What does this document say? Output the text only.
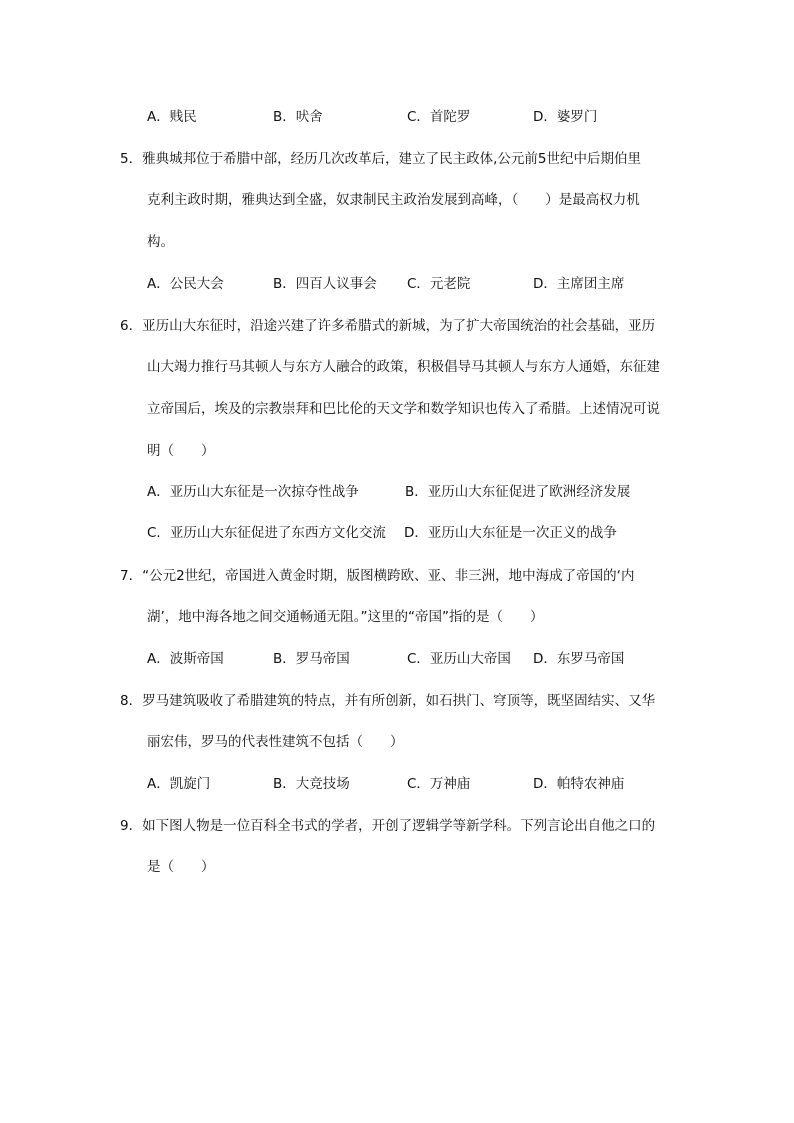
A．贱民	B．吠舍	C．首陀罗	D．婆罗门
5．雅典城邦位于希腊中部，经历几次改革后，建立了民主政体,公元前5世纪中后期伯里
克利主政时期，雅典达到全盛，奴隶制民主政治发展到高峰，（　　）是最高权力机
构。
A．公民大会	B．四百人议事会 C．元老院	D．主席团主席
6．亚历山大东征时，沿途兴建了许多希腊式的新城，为了扩大帝国统治的社会基础，亚历
山大竭力推行马其顿人与东方人融合的政策，积极倡导马其顿人与东方人通婚，东征建
立帝国后，埃及的宗教崇拜和巴比伦的天文学和数学知识也传入了希腊。上述情况可说
明（　　）
A．亚历山大东征是一次掠夺性战争	B．亚历山大东征促进了欧洲经济发展
C．亚历山大东征促进了东西方文化交流 D．亚历山大东征是一次正义的战争
7．“公元2世纪，帝国进入黄金时期，版图横跨欧、亚、非三洲，地中海成了帝国的‘内
湖’，地中海各地之间交通畅通无阻。”这里的“帝国”指的是（　　）
A．波斯帝国	B．罗马帝国	C．亚历山大帝国 D．东罗马帝国
8．罗马建筑吸收了希腊建筑的特点，并有所创新，如石拱门、穹顶等，既坚固结实、又华
丽宏伟，罗马的代表性建筑不包括（　　）
A．凯旋门	B．大竞技场	C．万神庙	D．帕特农神庙
9．如下图人物是一位百科全书式的学者，开创了逻辑学等新学科。下列言论出自他之口的
是（　　）
